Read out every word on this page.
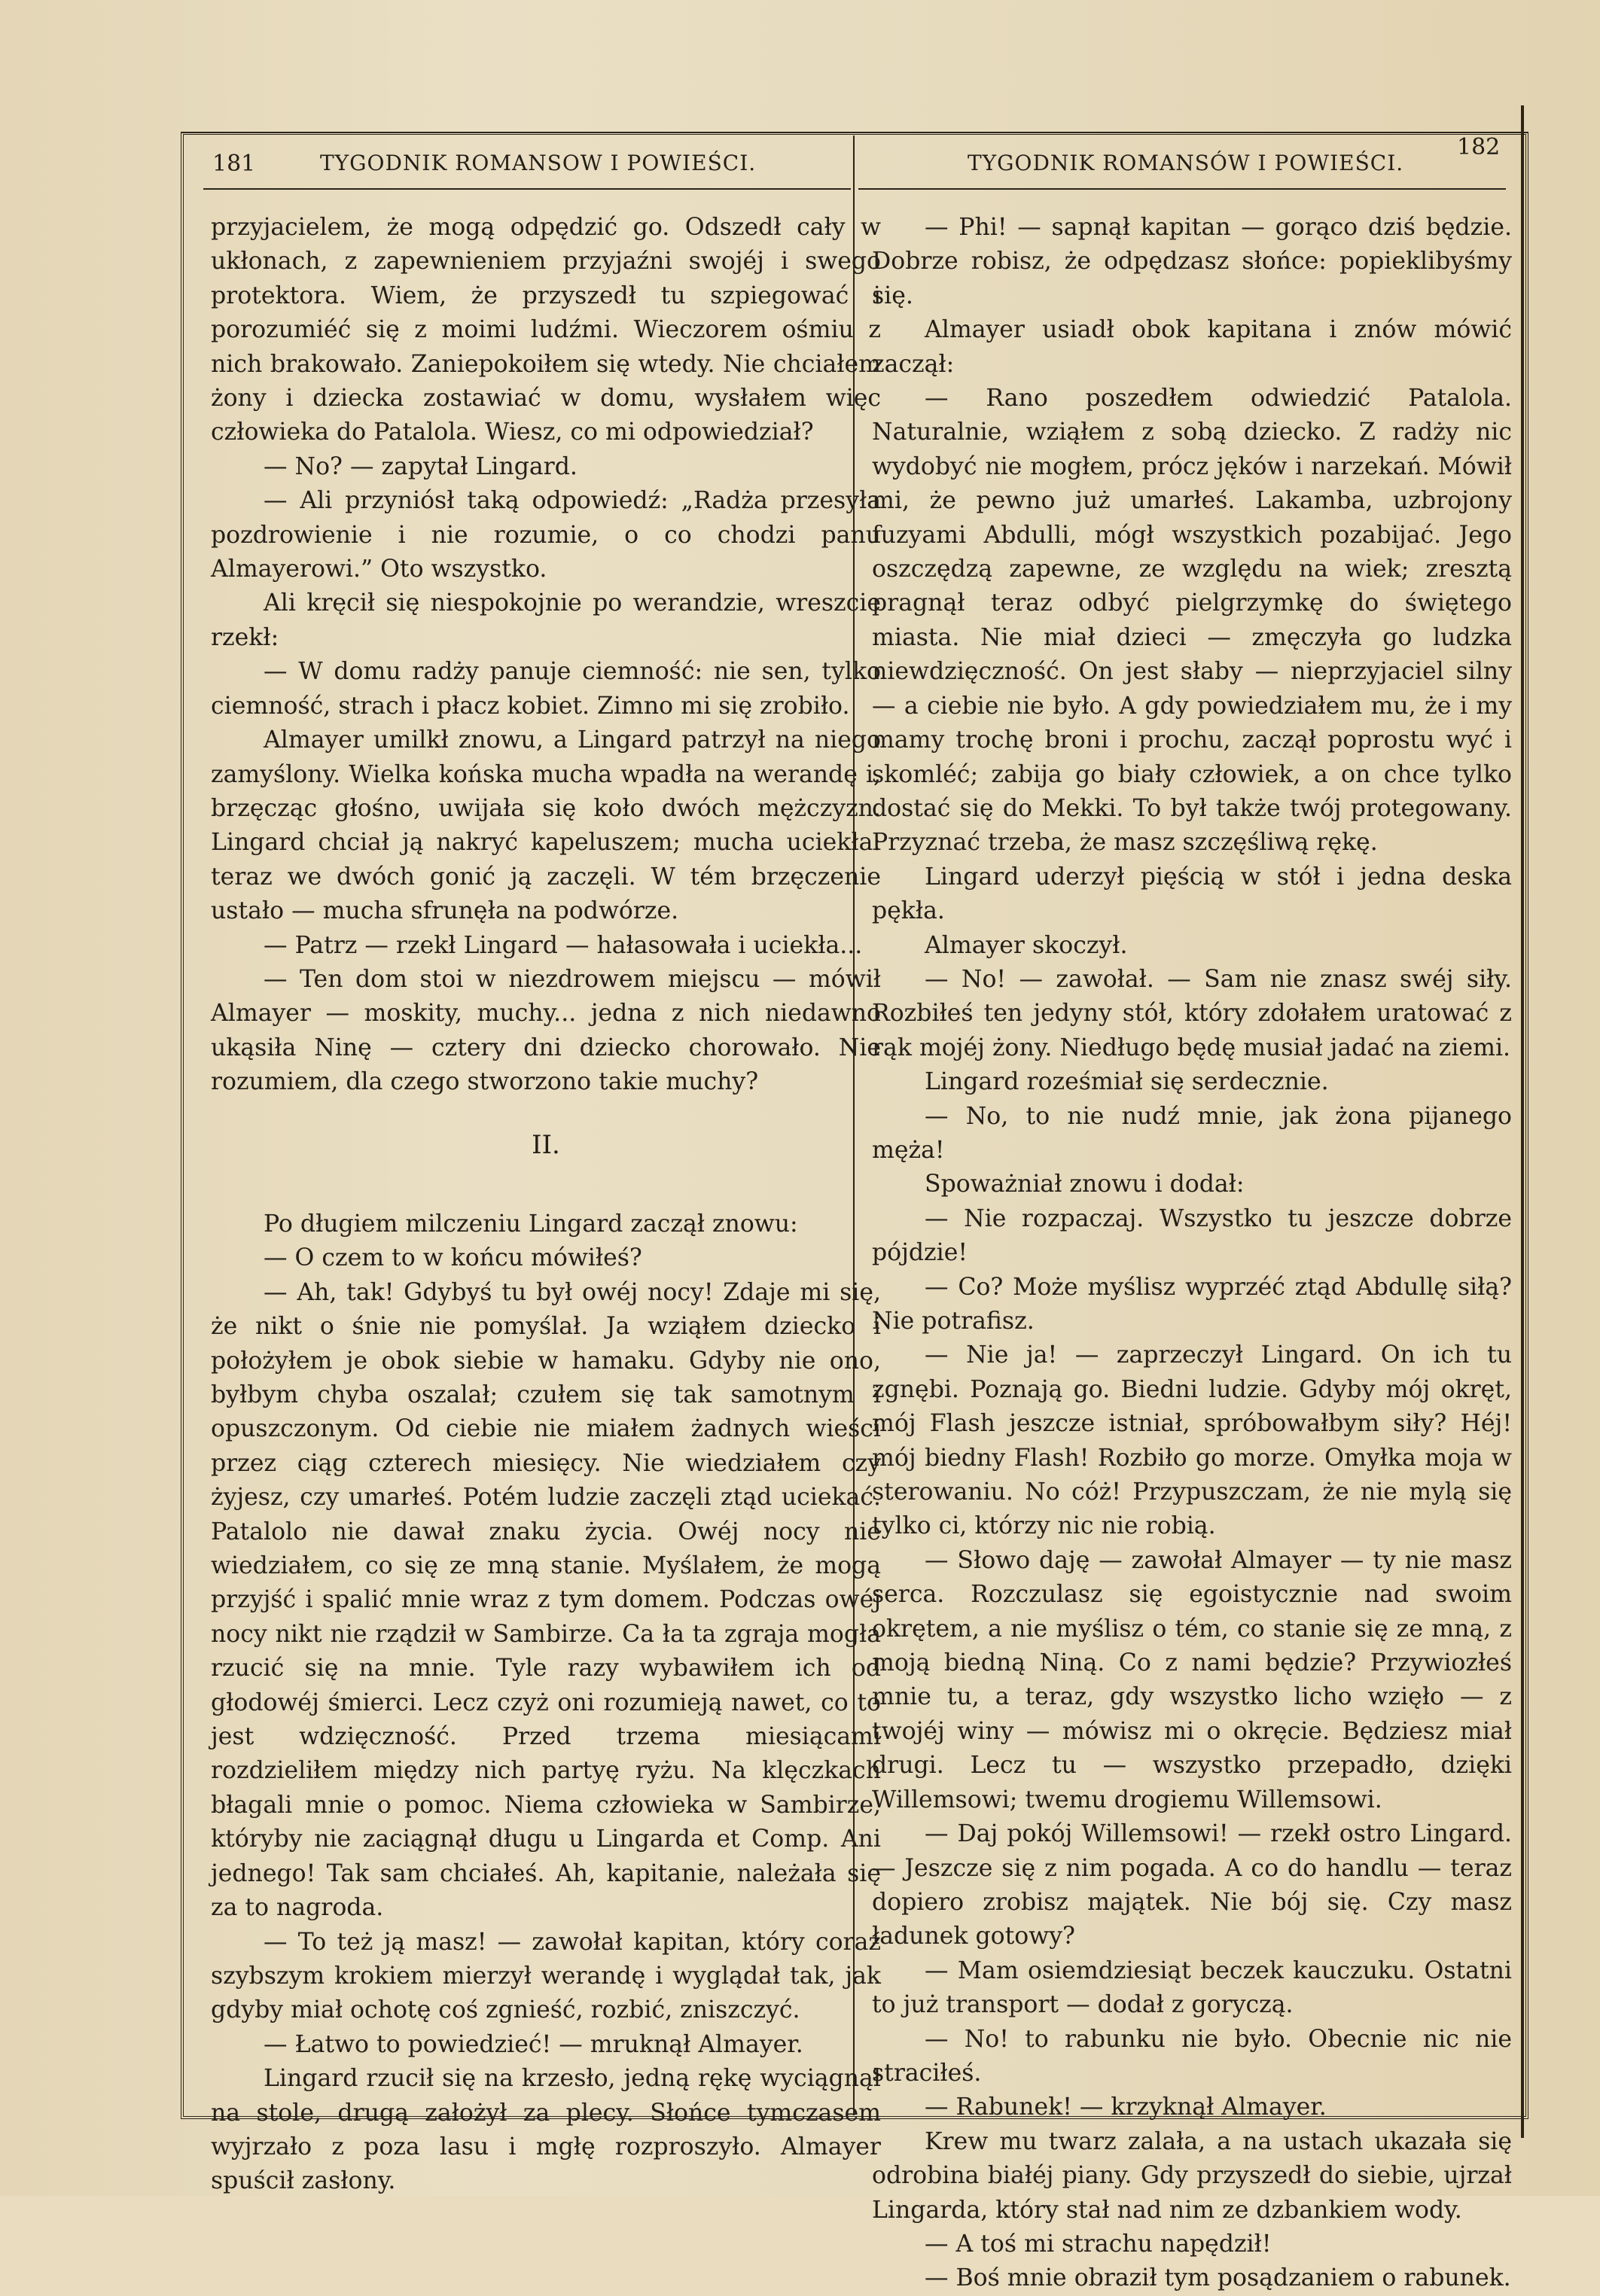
181	TYGODNIK ROMANSOW I POWIEŚCI.	TYGODNIK ROMANSÓW I POWIEŚCI.
182

przyjacielem, że mogą odpędzić go. Odszedł cały w ukłonach, z zapewnieniem przyjaźni swojéj i swego protektora. Wiem, że przyszedł tu szpiegować i porozumiéć się z moimi ludźmi. Wieczorem ośmiu z nich brakowało. Zaniepokoiłem się wtedy. Nie chciałem żony i dziecka zostawiać w domu, wysłałem więc człowieka do Patalola. Wiesz, co mi odpowiedział?

— No? — zapytał Lingard.

— Ali przyniósł taką odpowiedź: „Radża przesyła pozdrowienie i nie rozumie, o co chodzi panu Almayerowi.” Oto wszystko.

Ali kręcił się niespokojnie po werandzie, wreszcie rzekł:

— W domu radży panuje ciemność: nie sen, tylko ciemność, strach i płacz kobiet. Zimno mi się zrobiło.

Almayer umilkł znowu, a Lingard patrzył na niego zamyślony. Wielka końska mucha wpadła na werandę i, brzęcząc głośno, uwijała się koło dwóch mężczyzn. Lingard chciał ją nakryć kapeluszem; mucha uciekła: teraz we dwóch gonić ją zaczęli. W tém brzęczenie ustało — mucha sfrunęła na podwórze.

— Patrz — rzekł Lingard — hałasowała i uciekła...

— Ten dom stoi w niezdrowem miejscu — mówił Almayer — moskity, muchy... jedna z nich niedawno ukąsiła Ninę — cztery dni dziecko chorowało. Nie rozumiem, dla czego stworzono takie muchy?

II.

Po długiem milczeniu Lingard zaczął znowu:

— O czem to w końcu mówiłeś?

— Ah, tak! Gdybyś tu był owéj nocy! Zdaje mi się, że nikt o śnie nie pomyślał. Ja wziąłem dziecko i położyłem je obok siebie w hamaku. Gdyby nie ono, byłbym chyba oszalał; czułem się tak samotnym i opuszczonym. Od ciebie nie miałem żadnych wieści przez ciąg czterech miesięcy. Nie wiedziałem czy żyjesz, czy umarłeś. Potém ludzie zaczęli ztąd uciekać. Patalolo nie dawał znaku życia. Owéj nocy nie wiedziałem, co się ze mną stanie. Myślałem, że mogą przyjść i spalić mnie wraz z tym domem. Podczas owéj nocy nikt nie rządził w Sambirze. Ca ła ta zgraja mogła rzucić się na mnie. Tyle razy wybawiłem ich od głodowéj śmierci. Lecz czyż oni rozumieją nawet, co to jest wdzięczność. Przed trzema miesiącami rozdzieliłem między nich partyę ryżu. Na klęczkach błagali mnie o pomoc. Niema człowieka w Sambirze, któryby nie zaciągnął długu u Lingarda et Comp. Ani jednego! Tak sam chciałeś. Ah, kapitanie, należała się za to nagroda.

— To też ją masz! — zawołał kapitan, który coraz szybszym krokiem mierzył werandę i wyglądał tak, jak gdyby miał ochotę coś zgnieść, rozbić, zniszczyć.

— Łatwo to powiedzieć! — mruknął Almayer.

Lingard rzucił się na krzesło, jedną rękę wyciągnął na stole, drugą założył za plecy. Słońce tymczasem wyjrzało z poza lasu i mgłę rozproszyło. Almayer spuścił zasłony.

— Phi! — sapnął kapitan — gorąco dziś będzie. Dobrze robisz, że odpędzasz słońce: popieklibyśmy się.

Almayer usiadł obok kapitana i znów mówić zaczął:

— Rano poszedłem odwiedzić Patalola. Naturalnie, wziąłem z sobą dziecko. Z radży nic wydobyć nie mogłem, prócz jęków i narzekań. Mówił mi, że pewno już umarłeś. Lakamba, uzbrojony fuzyami Abdulli, mógł wszystkich pozabijać. Jego oszczędzą zapewne, ze względu na wiek; zresztą pragnął teraz odbyć pielgrzymkę do świętego miasta. Nie miał dzieci — zmęczyła go ludzka niewdzięczność. On jest słaby — nieprzyjaciel silny — a ciebie nie było. A gdy powiedziałem mu, że i my mamy trochę broni i prochu, zaczął poprostu wyć i skomléć; zabija go biały człowiek, a on chce tylko dostać się do Mekki. To był także twój protegowany. Przyznać trzeba, że masz szczęśliwą rękę.

Lingard uderzył pięścią w stół i jedna deska pękła.

Almayer skoczył.

— No! — zawołał. — Sam nie znasz swéj siły. Rozbiłeś ten jedyny stół, który zdołałem uratować z rąk mojéj żony. Niedługo będę musiał jadać na ziemi.

Lingard roześmiał się serdecznie.

— No, to nie nudź mnie, jak żona pijanego męża!

Spoważniał znowu i dodał:

— Nie rozpaczaj. Wszystko tu jeszcze dobrze pójdzie!

— Co? Może myślisz wyprzéć ztąd Abdullę siłą? Nie potrafisz.

— Nie ja! — zaprzeczył Lingard. On ich tu zgnębi. Poznają go. Biedni ludzie. Gdyby mój okręt, mój Flash jeszcze istniał, spróbowałbym siły? Héj! mój biedny Flash! Rozbiło go morze. Omyłka moja w sterowaniu. No cóż! Przypuszczam, że nie mylą się tylko ci, którzy nic nie robią.

— Słowo daję — zawołał Almayer — ty nie masz serca. Rozczulasz się egoistycznie nad swoim okrętem, a nie myślisz o tém, co stanie się ze mną, z moją biedną Niną. Co z nami będzie? Przywiozłeś mnie tu, a teraz, gdy wszystko licho wzięło — z twojéj winy — mówisz mi o okręcie. Będziesz miał drugi. Lecz tu — wszystko przepadło, dzięki Willemsowi; twemu drogiemu Willemsowi.

— Daj pokój Willemsowi! — rzekł ostro Lingard. — Jeszcze się z nim pogada. A co do handlu — teraz dopiero zrobisz majątek. Nie bój się. Czy masz ładunek gotowy?

— Mam osiemdziesiąt beczek kauczuku. Ostatni to już transport — dodał z goryczą.

— No! to rabunku nie było. Obecnie nic nie straciłeś.

— Rabunek! — krzyknął Almayer.

Krew mu twarz zalała, a na ustach ukazała się odrobina białéj piany. Gdy przyszedł do siebie, ujrzał Lingarda, który stał nad nim ze dzbankiem wody.

— A toś mi strachu napędził!

— Boś mnie obraził tym posądzaniem o rabunek.
